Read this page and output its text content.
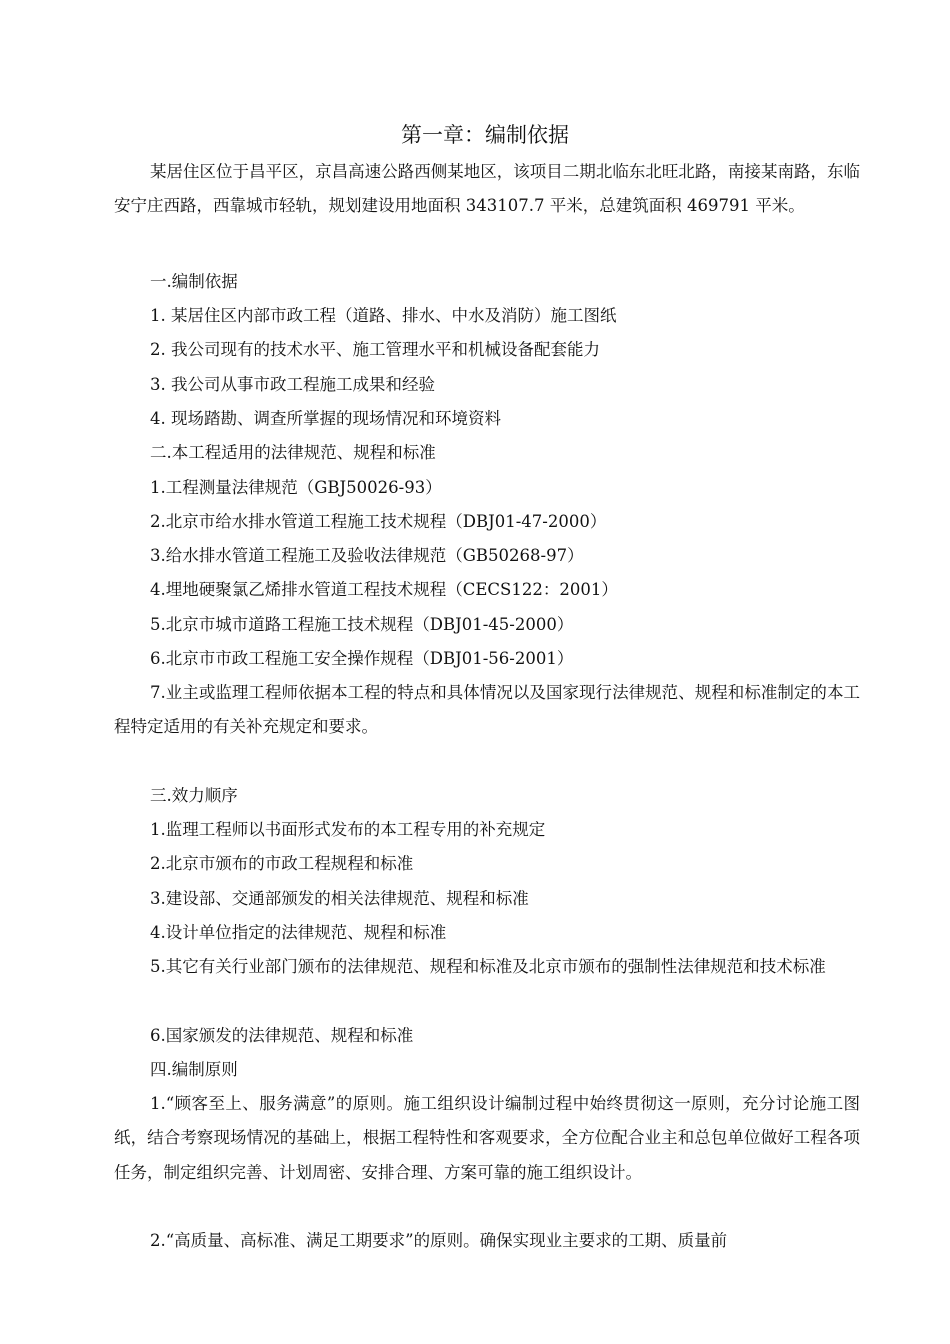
第一章：编制依据
某居住区位于昌平区，京昌高速公路西侧某地区，该项目二期北临东北旺北路，南接某南路，东临安宁庄西路，西靠城市轻轨，规划建设用地面积 343107.7 平米，总建筑面积 469791 平米。
一.编制依据
1. 某居住区内部市政工程（道路、排水、中水及消防）施工图纸
2. 我公司现有的技术水平、施工管理水平和机械设备配套能力
3. 我公司从事市政工程施工成果和经验
4. 现场踏勘、调查所掌握的现场情况和环境资料
二.本工程适用的法律规范、规程和标准
1.工程测量法律规范（GBJ50026-93）
2.北京市给水排水管道工程施工技术规程（DBJ01-47-2000）
3.给水排水管道工程施工及验收法律规范（GB50268-97）
4.埋地硬聚氯乙烯排水管道工程技术规程（CECS122：2001）
5.北京市城市道路工程施工技术规程（DBJ01-45-2000）
6.北京市市政工程施工安全操作规程（DBJ01-56-2001）
7.业主或监理工程师依据本工程的特点和具体情况以及国家现行法律规范、规程和标准制定的本工程特定适用的有关补充规定和要求。
三.效力顺序
1.监理工程师以书面形式发布的本工程专用的补充规定
2.北京市颁布的市政工程规程和标准
3.建设部、交通部颁发的相关法律规范、规程和标准
4.设计单位指定的法律规范、规程和标准
5.其它有关行业部门颁布的法律规范、规程和标准及北京市颁布的强制性法律规范和技术标准
6.国家颁发的法律规范、规程和标准
四.编制原则
1.“顾客至上、服务满意”的原则。施工组织设计编制过程中始终贯彻这一原则，充分讨论施工图纸，结合考察现场情况的基础上，根据工程特性和客观要求，全方位配合业主和总包单位做好工程各项任务，制定组织完善、计划周密、安排合理、方案可靠的施工组织设计。
2.“高质量、高标准、满足工期要求”的原则。确保实现业主要求的工期、质量前
